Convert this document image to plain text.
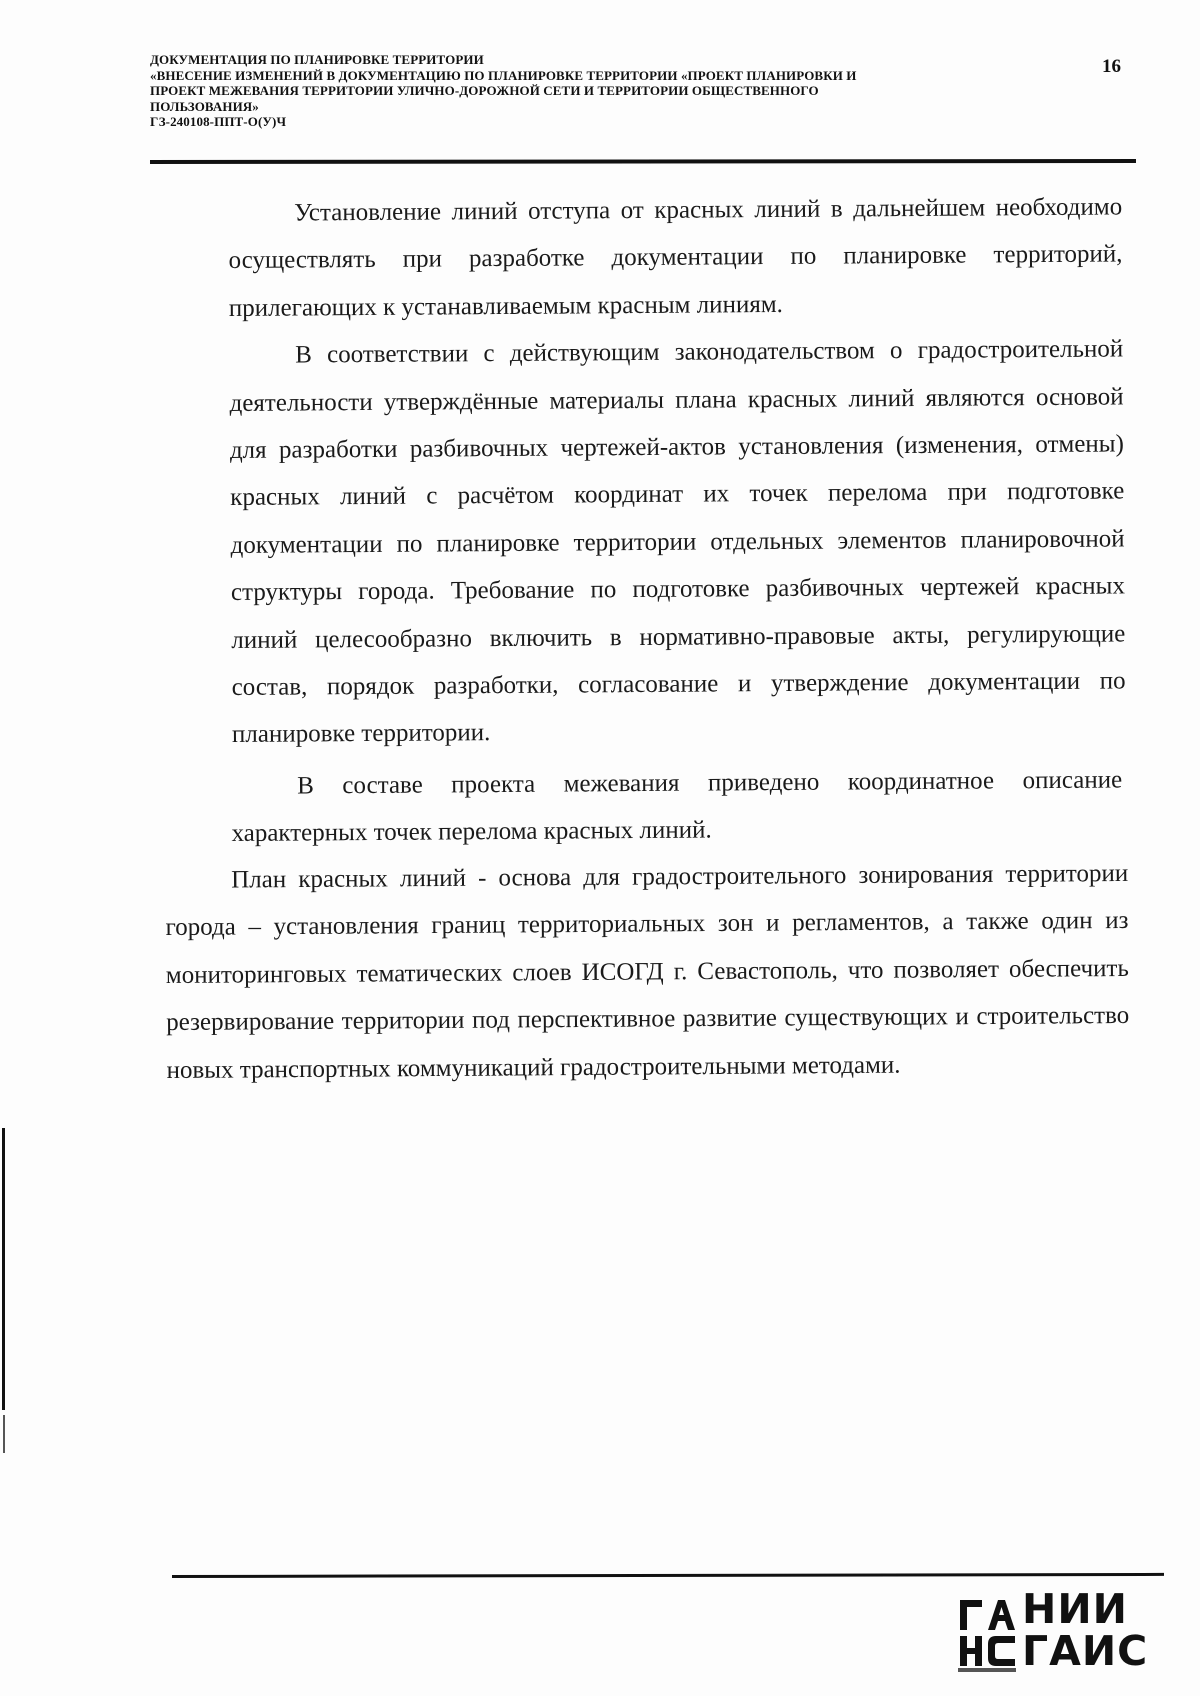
ДОКУМЕНТАЦИЯ ПО ПЛАНИРОВКЕ ТЕРРИТОРИИ
«ВНЕСЕНИЕ ИЗМЕНЕНИЙ В ДОКУМЕНТАЦИЮ ПО ПЛАНИРОВКЕ ТЕРРИТОРИИ «ПРОЕКТ ПЛАНИРОВКИ И
ПРОЕКТ МЕЖЕВАНИЯ ТЕРРИТОРИИ УЛИЧНО-ДОРОЖНОЙ СЕТИ И ТЕРРИТОРИИ ОБЩЕСТВЕННОГО
ПОЛЬЗОВАНИЯ»
ГЗ-240108-ППТ-О(У)Ч
16

Установление линий отступа от красных линий в дальнейшем необходимо осуществлять при разработке документации по планировке территорий, прилегающих к устанавливаемым красным линиям.

В соответствии с действующим законодательством о градостроительной деятельности утверждённые материалы плана красных линий являются основой для разработки разбивочных чертежей-актов установления (изменения, отмены) красных линий с расчётом координат их точек перелома при подготовке документации по планировке территории отдельных элементов планировочной структуры города. Требование по подготовке разбивочных чертежей красных линий целесообразно включить в нормативно-правовые акты, регулирующие состав, порядок разработки, согласование и утверждение документации по планировке территории.

В составе проекта межевания приведено координатное описание характерных точек перелома красных линий.

План красных линий - основа для градостроительного зонирования территории города – установления границ территориальных зон и регламентов, а также один из мониторинговых тематических слоев ИСОГД г. Севастополь, что позволяет обеспечить резервирование территории под перспективное развитие существующих и строительство новых транспортных коммуникаций градостроительными методами.

НИИ
ГАИС
